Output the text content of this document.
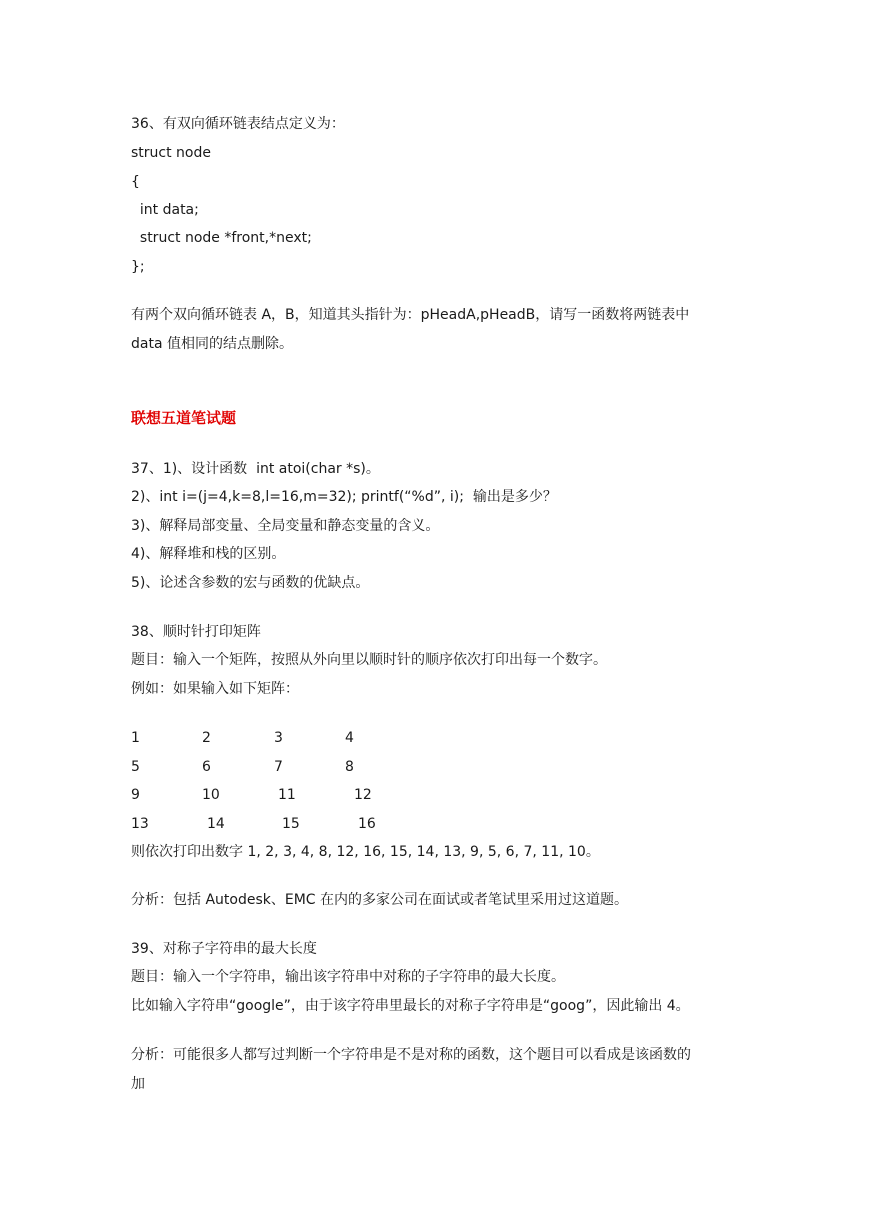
36、有双向循环链表结点定义为：
struct node
{
int data;
struct node *front,*next;
};
有两个双向循环链表 A，B，知道其头指针为：pHeadA,pHeadB，请写一函数将两链表中
data 值相同的结点删除。
联想五道笔试题
37、1)、设计函数  int atoi(char *s)。
2)、int i=(j=4,k=8,l=16,m=32); printf(“%d”, i);  输出是多少？
3)、解释局部变量、全局变量和静态变量的含义。
4)、解释堆和栈的区别。
5)、论述含参数的宏与函数的优缺点。
38、顺时针打印矩阵
题目：输入一个矩阵，按照从外向里以顺时针的顺序依次打印出每一个数字。
例如：如果输入如下矩阵：
1	2	3	4
5	6	7	8
9	10	11	12
13	14	15	16
则依次打印出数字 1, 2, 3, 4, 8, 12, 16, 15, 14, 13, 9, 5, 6, 7, 11, 10。
分析：包括 Autodesk、EMC 在内的多家公司在面试或者笔试里采用过这道题。
39、对称子字符串的最大长度
题目：输入一个字符串，输出该字符串中对称的子字符串的最大长度。
比如输入字符串“google”，由于该字符串里最长的对称子字符串是“goog”，因此输出 4。
分析：可能很多人都写过判断一个字符串是不是对称的函数，这个题目可以看成是该函数的
加
